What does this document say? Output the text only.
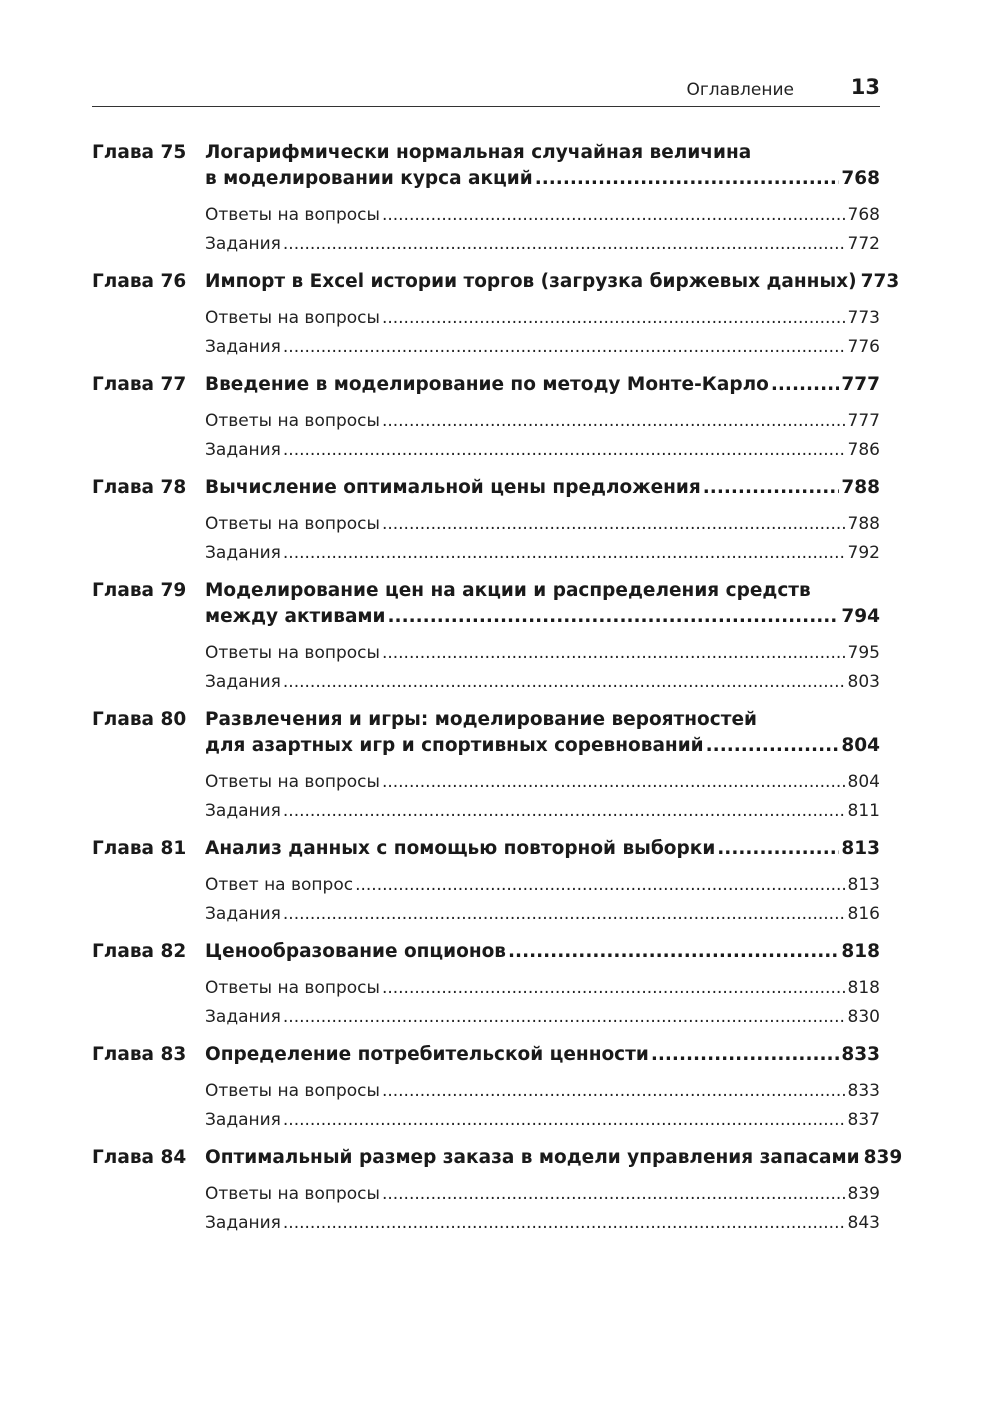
Оглавление	13
Глава 75	Логарифмически нормальная случайная величина
в моделировании курса акций .....	768
Ответы на вопросы .....	768
Задания .....	772
Глава 76	Импорт в Excel истории торгов (загрузка биржевых данных) 773
Ответы на вопросы .....	773
Задания .....	776
Глава 77	Введение в моделирование по методу Монте-Карло .....	777
Ответы на вопросы .....	777
Задания .....	786
Глава 78	Вычисление оптимальной цены предложения .....	788
Ответы на вопросы .....	788
Задания .....	792
Глава 79	Моделирование цен на акции и распределения средств
между активами .....	794
Ответы на вопросы .....	795
Задания .....	803
Глава 80	Развлечения и игры: моделирование вероятностей
для азартных игр и спортивных соревнований .....	804
Ответы на вопросы .....	804
Задания .....	811
Глава 81	Анализ данных с помощью повторной выборки .....	813
Ответ на вопрос .....	813
Задания .....	816
Глава 82	Ценообразование опционов .....	818
Ответы на вопросы .....	818
Задания .....	830
Глава 83	Определение потребительской ценности .....	833
Ответы на вопросы .....	833
Задания .....	837
Глава 84	Оптимальный размер заказа в модели управления запасами 839
Ответы на вопросы .....	839
Задания .....	843
